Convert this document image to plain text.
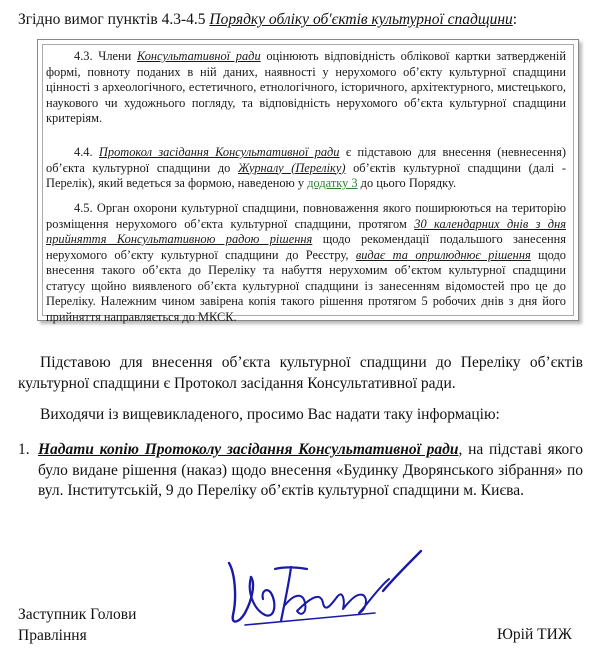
Згідно вимог пунктів 4.3-4.5 Порядку обліку об'єктів культурної спадщини:

4.3. Члени Консультативної ради оцінюють відповідність облікової картки затвердженій формі, повноту поданих в ній даних, наявності у нерухомого об’єкту культурної спадщини цінності з археологічного, естетичного, етнологічного, історичного, архітектурного, мистецького, наукового чи художнього погляду, та відповідність нерухомого об’єкта культурної спадщини критеріям.

4.4. Протокол засідання Консультативної ради є підставою для внесення (невнесення) об’єкта культурної спадщини до Журналу (Переліку) об’єктів культурної спадщини (далі - Перелік), який ведеться за формою, наведеною у додатку 3 до цього Порядку.

4.5. Орган охорони культурної спадщини, повноваження якого поширюються на територію розміщення нерухомого об’єкта культурної спадщини, протягом 30 календарних днів з дня прийняття Консультативною радою рішення щодо рекомендації подальшого занесення нерухомого об’єкту культурної спадщини до Реєстру, видає та оприлюднює рішення щодо внесення такого об’єкта до Переліку та набуття нерухомим об’єктом культурної спадщини статусу щойно виявленого об’єкта культурної спадщини із занесенням відомостей про це до Переліку. Належним чином завірена копія такого рішення протягом 5 робочих днів з дня його прийняття направляється до МКСК.

Підставою для внесення об’єкта культурної спадщини до Переліку об’єктів культурної спадщини є Протокол засідання Консультативної ради.
Виходячи із вищевикладеного, просимо Вас надати таку інформацію:
1. Надати копію Протоколу засідання Консультативної ради, на підставі якого було видане рішення (наказ) щодо внесення «Будинку Дворянського зібрання» по вул. Інститутській, 9 до Переліку об’єктів культурної спадщини м. Києва.
Заступник Голови
Правління	Юрій ТИЖ
